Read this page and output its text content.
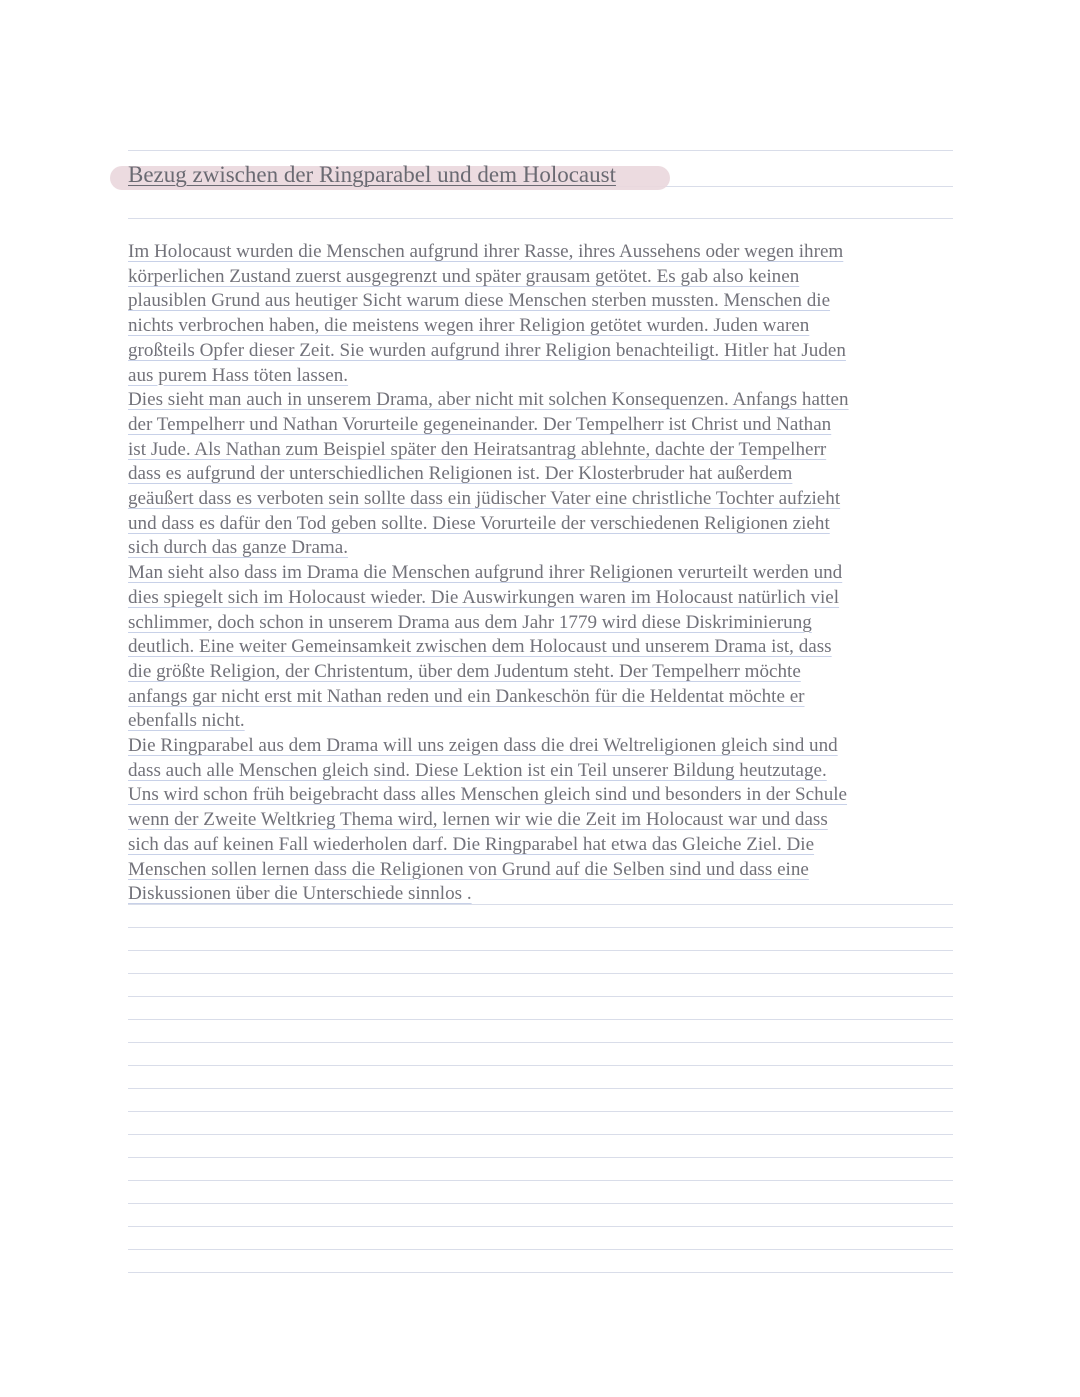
Bezug zwischen der Ringparabel und dem Holocaust
Im Holocaust wurden die Menschen aufgrund ihrer Rasse, ihres Aussehens oder wegen ihrem
körperlichen Zustand zuerst ausgegrenzt und später grausam getötet. Es gab also keinen
plausiblen Grund aus heutiger Sicht warum diese Menschen sterben mussten. Menschen die
nichts verbrochen haben, die meistens wegen ihrer Religion getötet wurden. Juden waren
großteils Opfer dieser Zeit. Sie wurden aufgrund ihrer Religion benachteiligt. Hitler hat Juden
aus purem Hass töten lassen.
Dies sieht man auch in unserem Drama, aber nicht mit solchen Konsequenzen. Anfangs hatten
der Tempelherr und Nathan Vorurteile gegeneinander. Der Tempelherr ist Christ und Nathan
ist Jude. Als Nathan zum Beispiel später den Heiratsantrag ablehnte, dachte der Tempelherr
dass es aufgrund der unterschiedlichen Religionen ist. Der Klosterbruder hat außerdem
geäußert dass es verboten sein sollte dass ein jüdischer Vater eine christliche Tochter aufzieht
und dass es dafür den Tod geben sollte. Diese Vorurteile der verschiedenen Religionen zieht
sich durch das ganze Drama.
Man sieht also dass im Drama die Menschen aufgrund ihrer Religionen verurteilt werden und
dies spiegelt sich im Holocaust wieder. Die Auswirkungen waren im Holocaust natürlich viel
schlimmer, doch schon in unserem Drama aus dem Jahr 1779 wird diese Diskriminierung
deutlich. Eine weiter Gemeinsamkeit zwischen dem Holocaust und unserem Drama ist, dass
die größte Religion, der Christentum, über dem Judentum steht. Der Tempelherr möchte
anfangs gar nicht erst mit Nathan reden und ein Dankeschön für die Heldentat möchte er
ebenfalls nicht.
Die Ringparabel aus dem Drama will uns zeigen dass die drei Weltreligionen gleich sind und
dass auch alle Menschen gleich sind. Diese Lektion ist ein Teil unserer Bildung heutzutage.
Uns wird schon früh beigebracht dass alles Menschen gleich sind und besonders in der Schule
wenn der Zweite Weltkrieg Thema wird, lernen wir wie die Zeit im Holocaust war und dass
sich das auf keinen Fall wiederholen darf. Die Ringparabel hat etwa das Gleiche Ziel. Die
Menschen sollen lernen dass die Religionen von Grund auf die Selben sind und dass eine
Diskussionen über die Unterschiede sinnlos .
